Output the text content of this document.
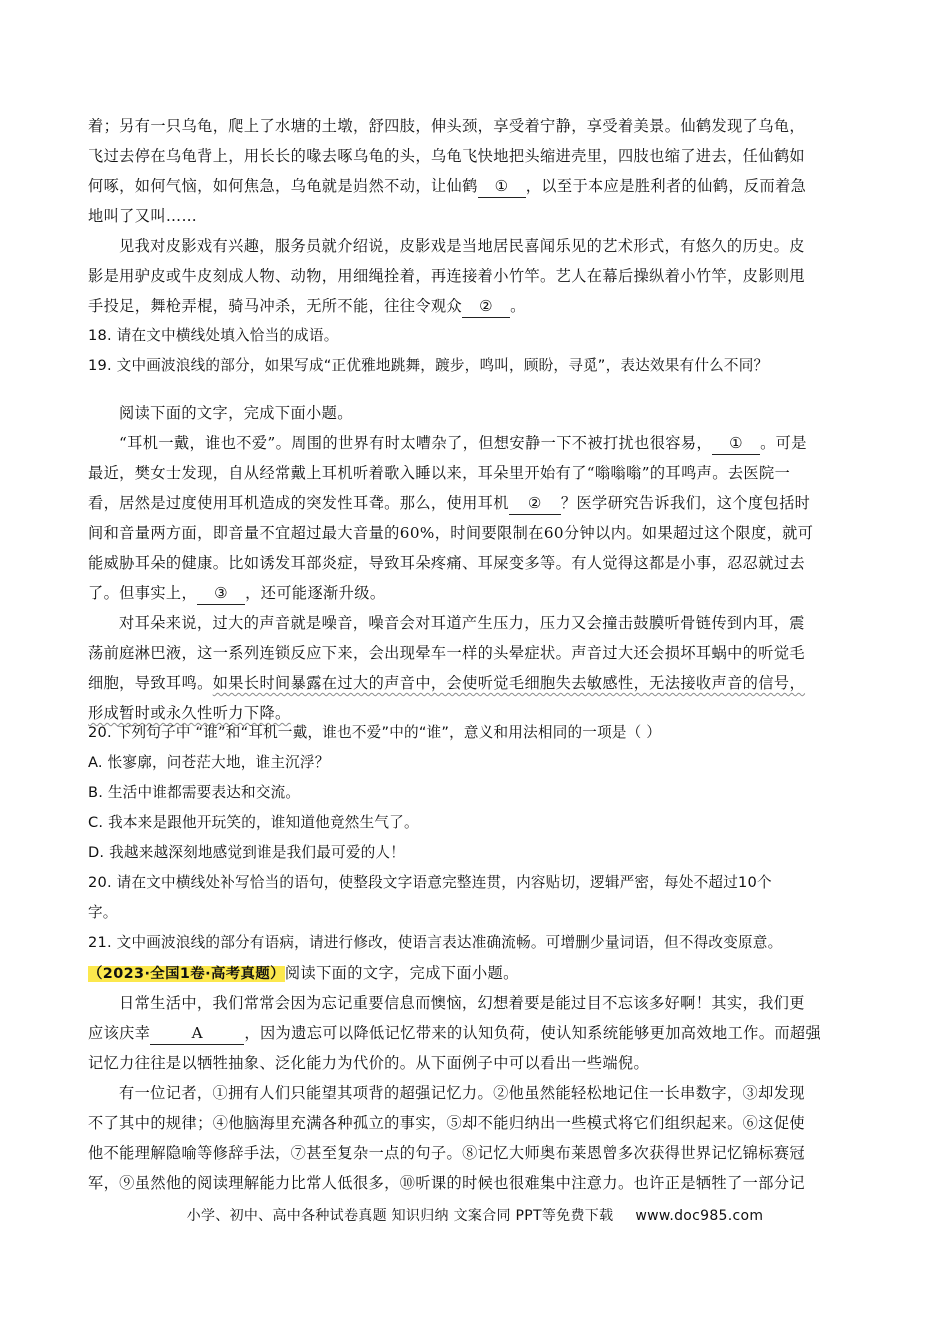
着；另有一只乌龟，爬上了水塘的土墩，舒四肢，伸头颈，享受着宁静，享受着美景。仙鹤发现了乌龟，
飞过去停在乌龟背上，用长长的喙去啄乌龟的头，乌龟飞快地把头缩进壳里，四肢也缩了进去，任仙鹤如
何啄，如何气恼，如何焦急，乌龟就是岿然不动，让仙鹤 ① ，以至于本应是胜利者的仙鹤，反而着急
地叫了又叫……
见我对皮影戏有兴趣，服务员就介绍说，皮影戏是当地居民喜闻乐见的艺术形式，有悠久的历史。皮
影是用驴皮或牛皮刻成人物、动物，用细绳拴着，再连接着小竹竿。艺人在幕后操纵着小竹竿，皮影则甩
手投足，舞枪弄棍，骑马冲杀，无所不能，往往令观众 ② 。
18. 请在文中横线处填入恰当的成语。
19. 文中画波浪线的部分，如果写成“正优雅地跳舞，踱步，鸣叫，顾盼，寻觅”，表达效果有什么不同？
阅读下面的文字，完成下面小题。
“耳机一戴，谁也不爱”。周围的世界有时太嘈杂了，但想安静一下不被打扰也很容易， ① 。可是
最近，樊女士发现，自从经常戴上耳机听着歌入睡以来，耳朵里开始有了“嗡嗡嗡”的耳鸣声。去医院一
看，居然是过度使用耳机造成的突发性耳聋。那么，使用耳机 ② ？医学研究告诉我们，这个度包括时
间和音量两方面，即音量不宜超过最大音量的60%，时间要限制在60分钟以内。如果超过这个限度，就可
能威胁耳朵的健康。比如诱发耳部炎症，导致耳朵疼痛、耳屎变多等。有人觉得这都是小事，忍忍就过去
了。但事实上， ③ ，还可能逐渐升级。
对耳朵来说，过大的声音就是噪音，噪音会对耳道产生压力，压力又会撞击鼓膜听骨链传到内耳，震
荡前庭淋巴液，这一系列连锁反应下来，会出现晕车一样的头晕症状。声音过大还会损坏耳蜗中的听觉毛
细胞，导致耳鸣。如果长时间暴露在过大的声音中，会使听觉毛细胞失去敏感性，无法接收声音的信号，
形成暂时或永久性听力下降。
20. 下列句子中 “谁”和“耳机一戴，谁也不爱”中的“谁”，意义和用法相同的一项是（ ）
A. 怅寥廓，问苍茫大地，谁主沉浮？
B. 生活中谁都需要表达和交流。
C. 我本来是跟他开玩笑的，谁知道他竟然生气了。
D. 我越来越深刻地感觉到谁是我们最可爱的人！
20. 请在文中横线处补写恰当的语句，使整段文字语意完整连贯，内容贴切，逻辑严密，每处不超过10个
字。
21. 文中画波浪线的部分有语病，请进行修改，使语言表达准确流畅。可增删少量词语，但不得改变原意。
（2023·全国1卷·高考真题）阅读下面的文字，完成下面小题。
日常生活中，我们常常会因为忘记重要信息而懊恼，幻想着要是能过目不忘该多好啊！其实，我们更
应该庆幸	A	，因为遗忘可以降低记忆带来的认知负荷，使认知系统能够更加高效地工作。而超强
记忆力往往是以牺牲抽象、泛化能力为代价的。从下面例子中可以看出一些端倪。
有一位记者，①拥有人们只能望其项背的超强记忆力。②他虽然能轻松地记住一长串数字，③却发现
不了其中的规律；④他脑海里充满各种孤立的事实，⑤却不能归纳出一些模式将它们组织起来。⑥这促使
他不能理解隐喻等修辞手法，⑦甚至复杂一点的句子。⑧记忆大师奥布莱恩曾多次获得世界记忆锦标赛冠
军，⑨虽然他的阅读理解能力比常人低很多，⑩听课的时候也很难集中注意力。也许正是牺牲了一部分记
小学、初中、高中各种试卷真题 知识归纳 文案合同 PPT等免费下载 www.doc985.com
